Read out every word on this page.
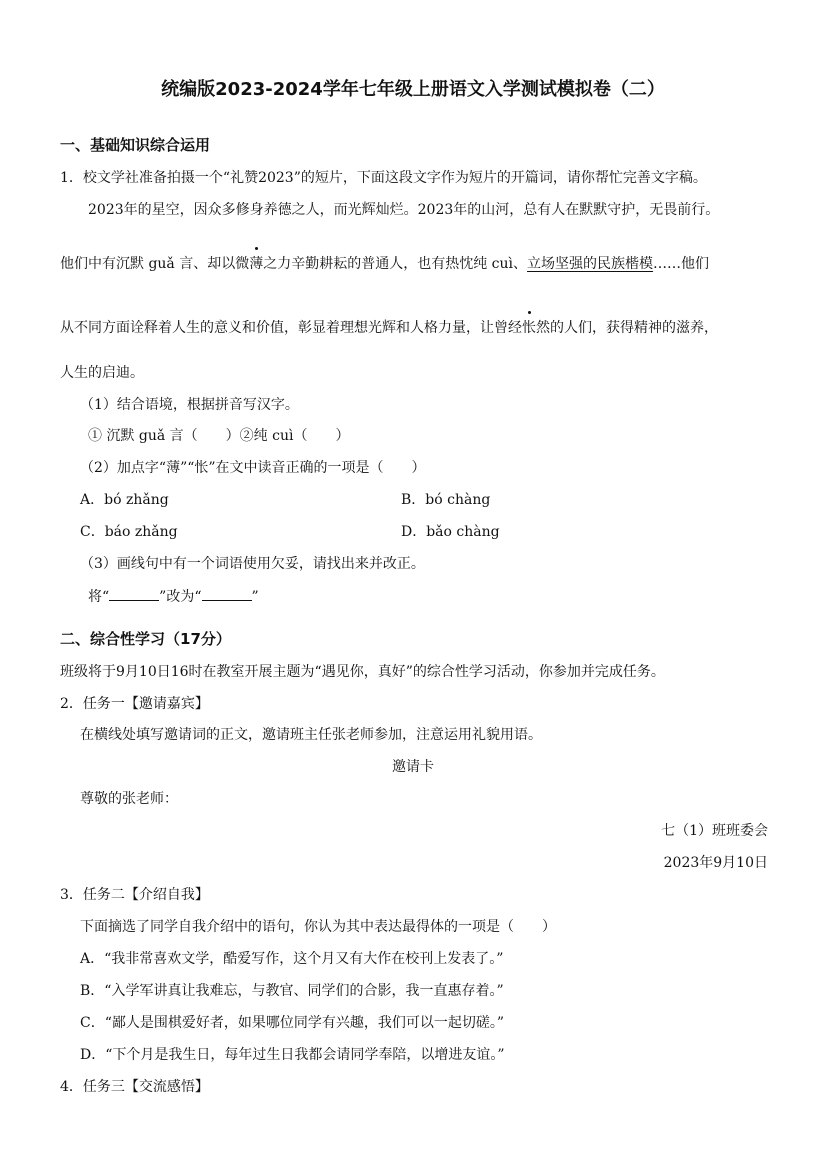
统编版2023-2024学年七年级上册语文入学测试模拟卷（二）
一、基础知识综合运用
1．校文学社准备拍摄一个“礼赞2023”的短片，下面这段文字作为短片的开篇词，请你帮忙完善文字稿。
2023年的星空，因众多修身养德之人，而光辉灿烂。2023年的山河，总有人在默默守护，无畏前行。
他们中有沉默 guǎ 言、却以微薄之力辛勤耕耘的普通人，也有热忱纯 cuì、立场坚强的民族楷模……他们
从不同方面诠释着人生的意义和价值，彰显着理想光辉和人格力量，让曾经怅然的人们，获得精神的滋养，
人生的启迪。
（1）结合语境，根据拼音写汉字。
① 沉默 guǎ 言（　　）②纯 cuì（　　）
（2）加点字“薄”“怅”在文中读音正确的一项是（　　）
A．bó zhǎng	B．bó chàng
C．báo zhǎng	D．bǎo chàng
（3）画线句中有一个词语使用欠妥，请找出来并改正。
将“	”改为“	”
二、综合性学习（17分）
班级将于9月10日16时在教室开展主题为“遇见你，真好”的综合性学习活动，你参加并完成任务。
2．任务一【邀请嘉宾】
在横线处填写邀请词的正文，邀请班主任张老师参加，注意运用礼貌用语。
邀请卡
尊敬的张老师：
七（1）班班委会
2023年9月10日
3．任务二【介绍自我】
下面摘选了同学自我介绍中的语句，你认为其中表达最得体的一项是（　　）
A．“我非常喜欢文学，酷爱写作，这个月又有大作在校刊上发表了。”
B．“入学军讲真让我难忘，与教官、同学们的合影，我一直惠存着。”
C．“鄙人是围棋爱好者，如果哪位同学有兴趣，我们可以一起切磋。”
D．“下个月是我生日，每年过生日我都会请同学奉陪，以增进友谊。”
4．任务三【交流感悟】
